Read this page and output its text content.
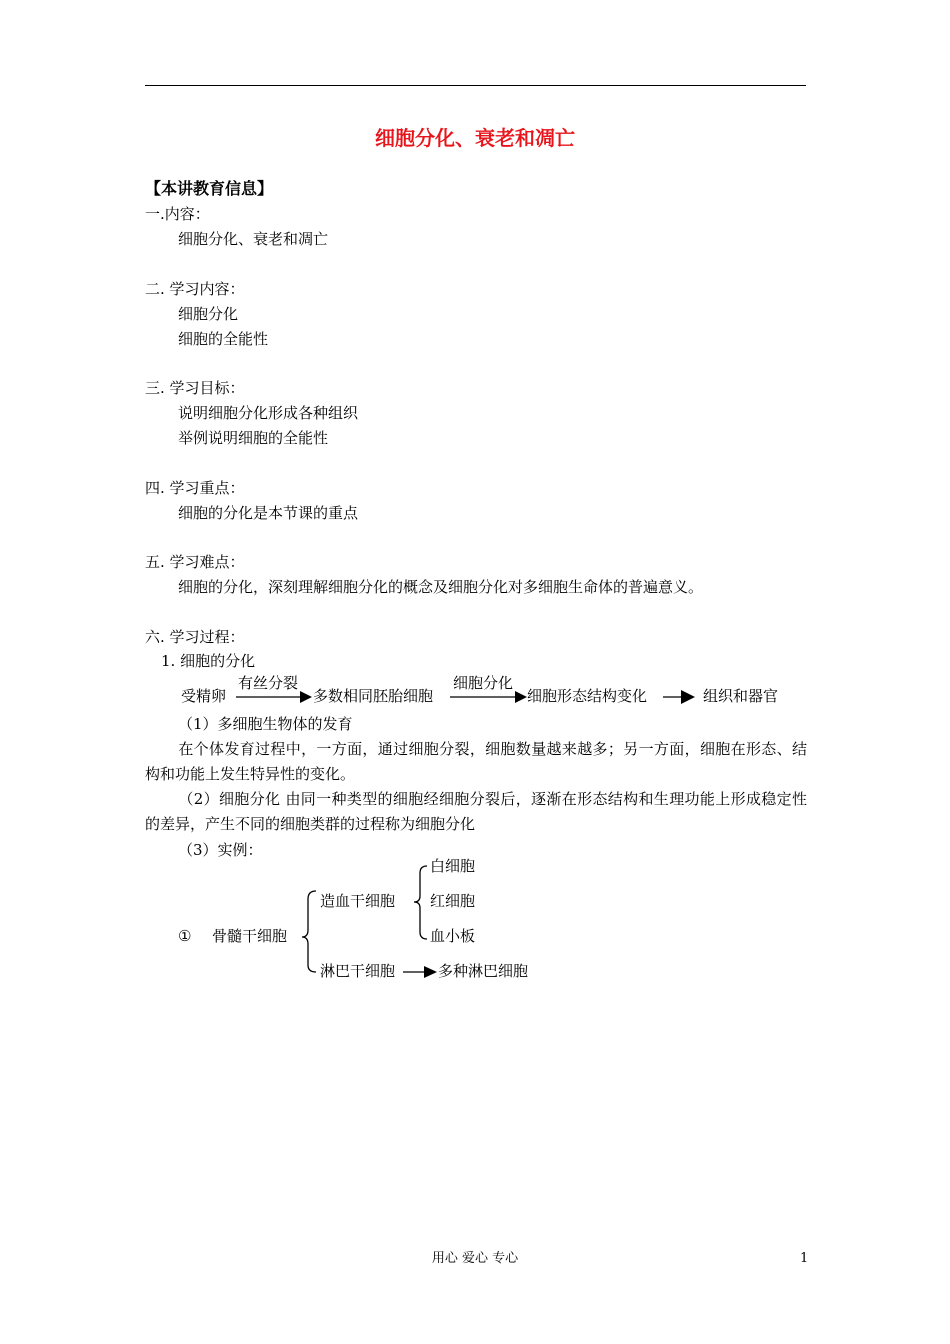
细胞分化、衰老和凋亡
【本讲教育信息】
一.内容：
细胞分化、衰老和凋亡
二. 学习内容：
细胞分化
细胞的全能性
三. 学习目标：
说明细胞分化形成各种组织
举例说明细胞的全能性
四. 学习重点：
细胞的分化是本节课的重点
五. 学习难点：
细胞的分化，深刻理解细胞分化的概念及细胞分化对多细胞生命体的普遍意义。
六. 学习过程：
1. 细胞的分化
受精卵
有丝分裂
多数相同胚胎细胞
细胞分化
细胞形态结构变化	组织和器官
（1）多细胞生物体的发育
在个体发育过程中，一方面，通过细胞分裂，细胞数量越来越多；另一方面，细胞在形态、结构和功能上发生特异性的变化。
（2）细胞分化 由同一种类型的细胞经细胞分裂后，逐渐在形态结构和生理功能上形成稳定性的差异，产生不同的细胞类群的过程称为细胞分化
（3）实例：
① 骨髓干细胞
造血干细胞
白细胞
红细胞
血小板
淋巴干细胞	多种淋巴细胞
用心 爱心 专心	1
